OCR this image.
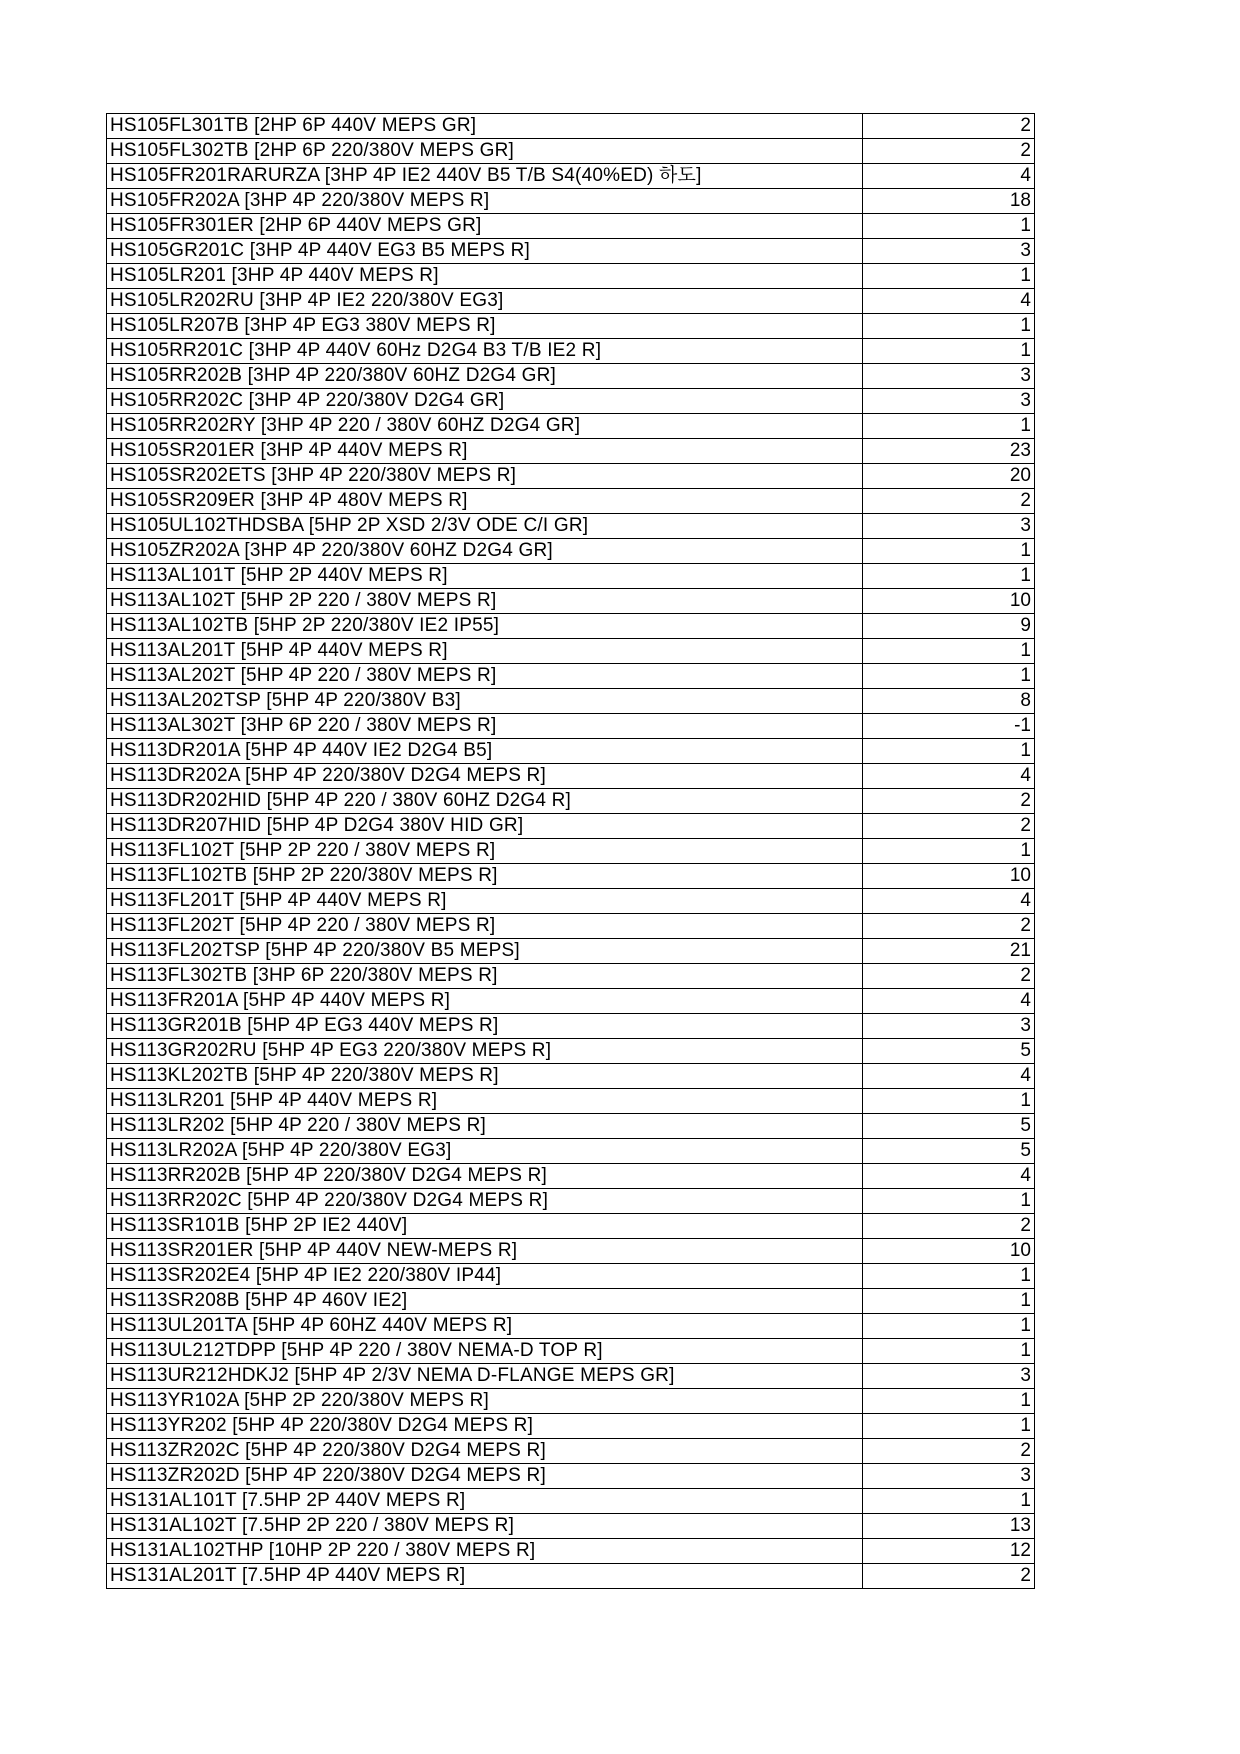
HS105FL301TB [2HP 6P 440V MEPS GR]	2
HS105FL302TB [2HP 6P 220/380V MEPS GR]	2
HS105FR201RARURZA [3HP 4P IE2 440V B5 T/B S4(40%ED) 하도]	4
HS105FR202A [3HP 4P 220/380V MEPS R]	18
HS105FR301ER [2HP 6P 440V MEPS GR]	1
HS105GR201C [3HP 4P 440V EG3 B5 MEPS R]	3
HS105LR201 [3HP 4P 440V MEPS R]	1
HS105LR202RU [3HP 4P IE2 220/380V EG3]	4
HS105LR207B [3HP 4P EG3 380V MEPS R]	1
HS105RR201C [3HP 4P 440V 60Hz D2G4 B3 T/B IE2 R]	1
HS105RR202B [3HP 4P 220/380V 60HZ D2G4 GR]	3
HS105RR202C [3HP 4P 220/380V D2G4 GR]	3
HS105RR202RY [3HP 4P 220 / 380V 60HZ D2G4 GR]	1
HS105SR201ER [3HP 4P 440V MEPS R]	23
HS105SR202ETS [3HP 4P 220/380V MEPS R]	20
HS105SR209ER [3HP 4P 480V MEPS R]	2
HS105UL102THDSBA [5HP 2P XSD 2/3V ODE C/I GR]	3
HS105ZR202A [3HP 4P 220/380V 60HZ D2G4 GR]	1
HS113AL101T [5HP 2P 440V MEPS R]	1
HS113AL102T [5HP 2P 220 / 380V MEPS R]	10
HS113AL102TB [5HP 2P 220/380V IE2 IP55]	9
HS113AL201T [5HP 4P 440V MEPS R]	1
HS113AL202T [5HP 4P 220 / 380V MEPS R]	1
HS113AL202TSP [5HP 4P 220/380V B3]	8
HS113AL302T [3HP 6P 220 / 380V MEPS R]	-1
HS113DR201A [5HP 4P 440V IE2 D2G4 B5]	1
HS113DR202A [5HP 4P 220/380V D2G4 MEPS R]	4
HS113DR202HID [5HP 4P 220 / 380V 60HZ D2G4 R]	2
HS113DR207HID [5HP 4P D2G4 380V HID GR]	2
HS113FL102T [5HP 2P 220 / 380V MEPS R]	1
HS113FL102TB [5HP 2P 220/380V MEPS R]	10
HS113FL201T [5HP 4P 440V MEPS R]	4
HS113FL202T [5HP 4P 220 / 380V MEPS R]	2
HS113FL202TSP [5HP 4P 220/380V B5 MEPS]	21
HS113FL302TB [3HP 6P 220/380V MEPS R]	2
HS113FR201A [5HP 4P 440V MEPS R]	4
HS113GR201B [5HP 4P EG3 440V MEPS R]	3
HS113GR202RU [5HP 4P EG3 220/380V MEPS R]	5
HS113KL202TB [5HP 4P 220/380V MEPS R]	4
HS113LR201 [5HP 4P 440V MEPS R]	1
HS113LR202 [5HP 4P 220 / 380V MEPS R]	5
HS113LR202A [5HP 4P 220/380V EG3]	5
HS113RR202B [5HP 4P 220/380V D2G4 MEPS R]	4
HS113RR202C [5HP 4P 220/380V D2G4 MEPS R]	1
HS113SR101B [5HP 2P IE2 440V]	2
HS113SR201ER [5HP 4P 440V NEW-MEPS R]	10
HS113SR202E4 [5HP 4P IE2 220/380V IP44]	1
HS113SR208B [5HP 4P 460V IE2]	1
HS113UL201TA [5HP 4P 60HZ 440V MEPS R]	1
HS113UL212TDPP [5HP 4P 220 / 380V NEMA-D TOP R]	1
HS113UR212HDKJ2 [5HP 4P 2/3V NEMA D-FLANGE MEPS GR]	3
HS113YR102A [5HP 2P 220/380V MEPS R]	1
HS113YR202 [5HP 4P 220/380V D2G4 MEPS R]	1
HS113ZR202C [5HP 4P 220/380V D2G4 MEPS R]	2
HS113ZR202D [5HP 4P 220/380V D2G4 MEPS R]	3
HS131AL101T [7.5HP 2P 440V MEPS R]	1
HS131AL102T [7.5HP 2P 220 / 380V MEPS R]	13
HS131AL102THP [10HP 2P 220 / 380V MEPS R]	12
HS131AL201T [7.5HP 4P 440V MEPS R]	2
